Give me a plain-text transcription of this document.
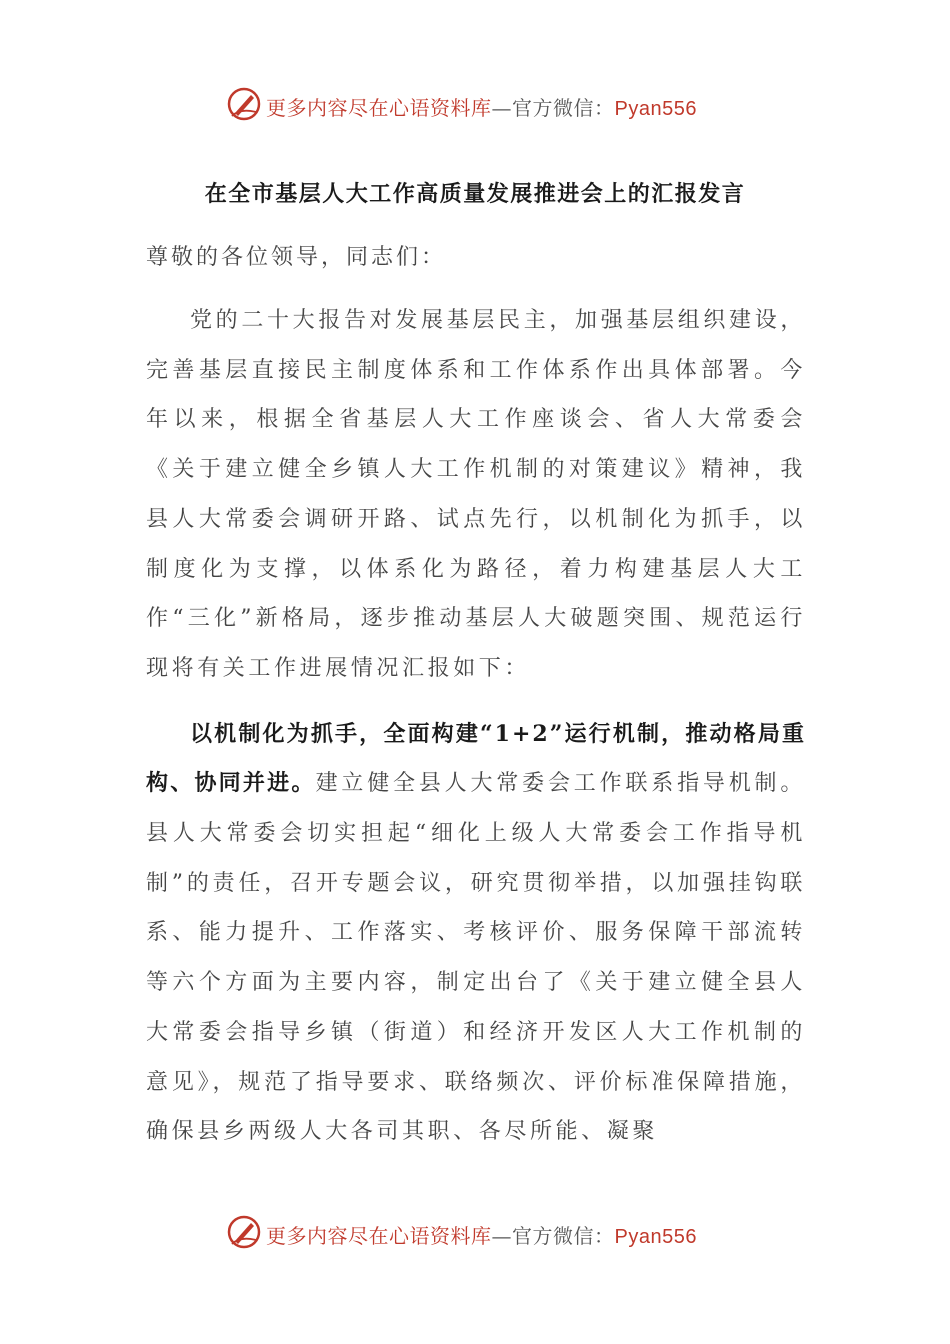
更多内容尽在心语资料库—官方微信：Pyan556
在全市基层人大工作高质量发展推进会上的汇报发言

尊敬的各位领导，同志们：

党的二十大报告对发展基层民主，加强基层组织建设，完善基层直接民主制度体系和工作体系作出具体部署。今年以来，根据全省基层人大工作座谈会、省人大常委会《关于建立健全乡镇人大工作机制的对策建议》精神，我县人大常委会调研开路、试点先行，以机制化为抓手，以制度化为支撑，以体系化为路径，着力构建基层人大工作“三化”新格局，逐步推动基层人大破题突围、规范运行现将有关工作进展情况汇报如下：

以机制化为抓手，全面构建“1+2”运行机制，推动格局重构、协同并进。建立健全县人大常委会工作联系指导机制。县人大常委会切实担起“细化上级人大常委会工作指导机制”的责任，召开专题会议，研究贯彻举措，以加强挂钩联系、能力提升、工作落实、考核评价、服务保障干部流转等六个方面为主要内容，制定出台了《关于建立健全县人大常委会指导乡镇（街道）和经济开发区人大工作机制的意见》，规范了指导要求、联络频次、评价标准保障措施，确保县乡两级人大各司其职、各尽所能、凝聚

更多内容尽在心语资料库—官方微信：Pyan556
